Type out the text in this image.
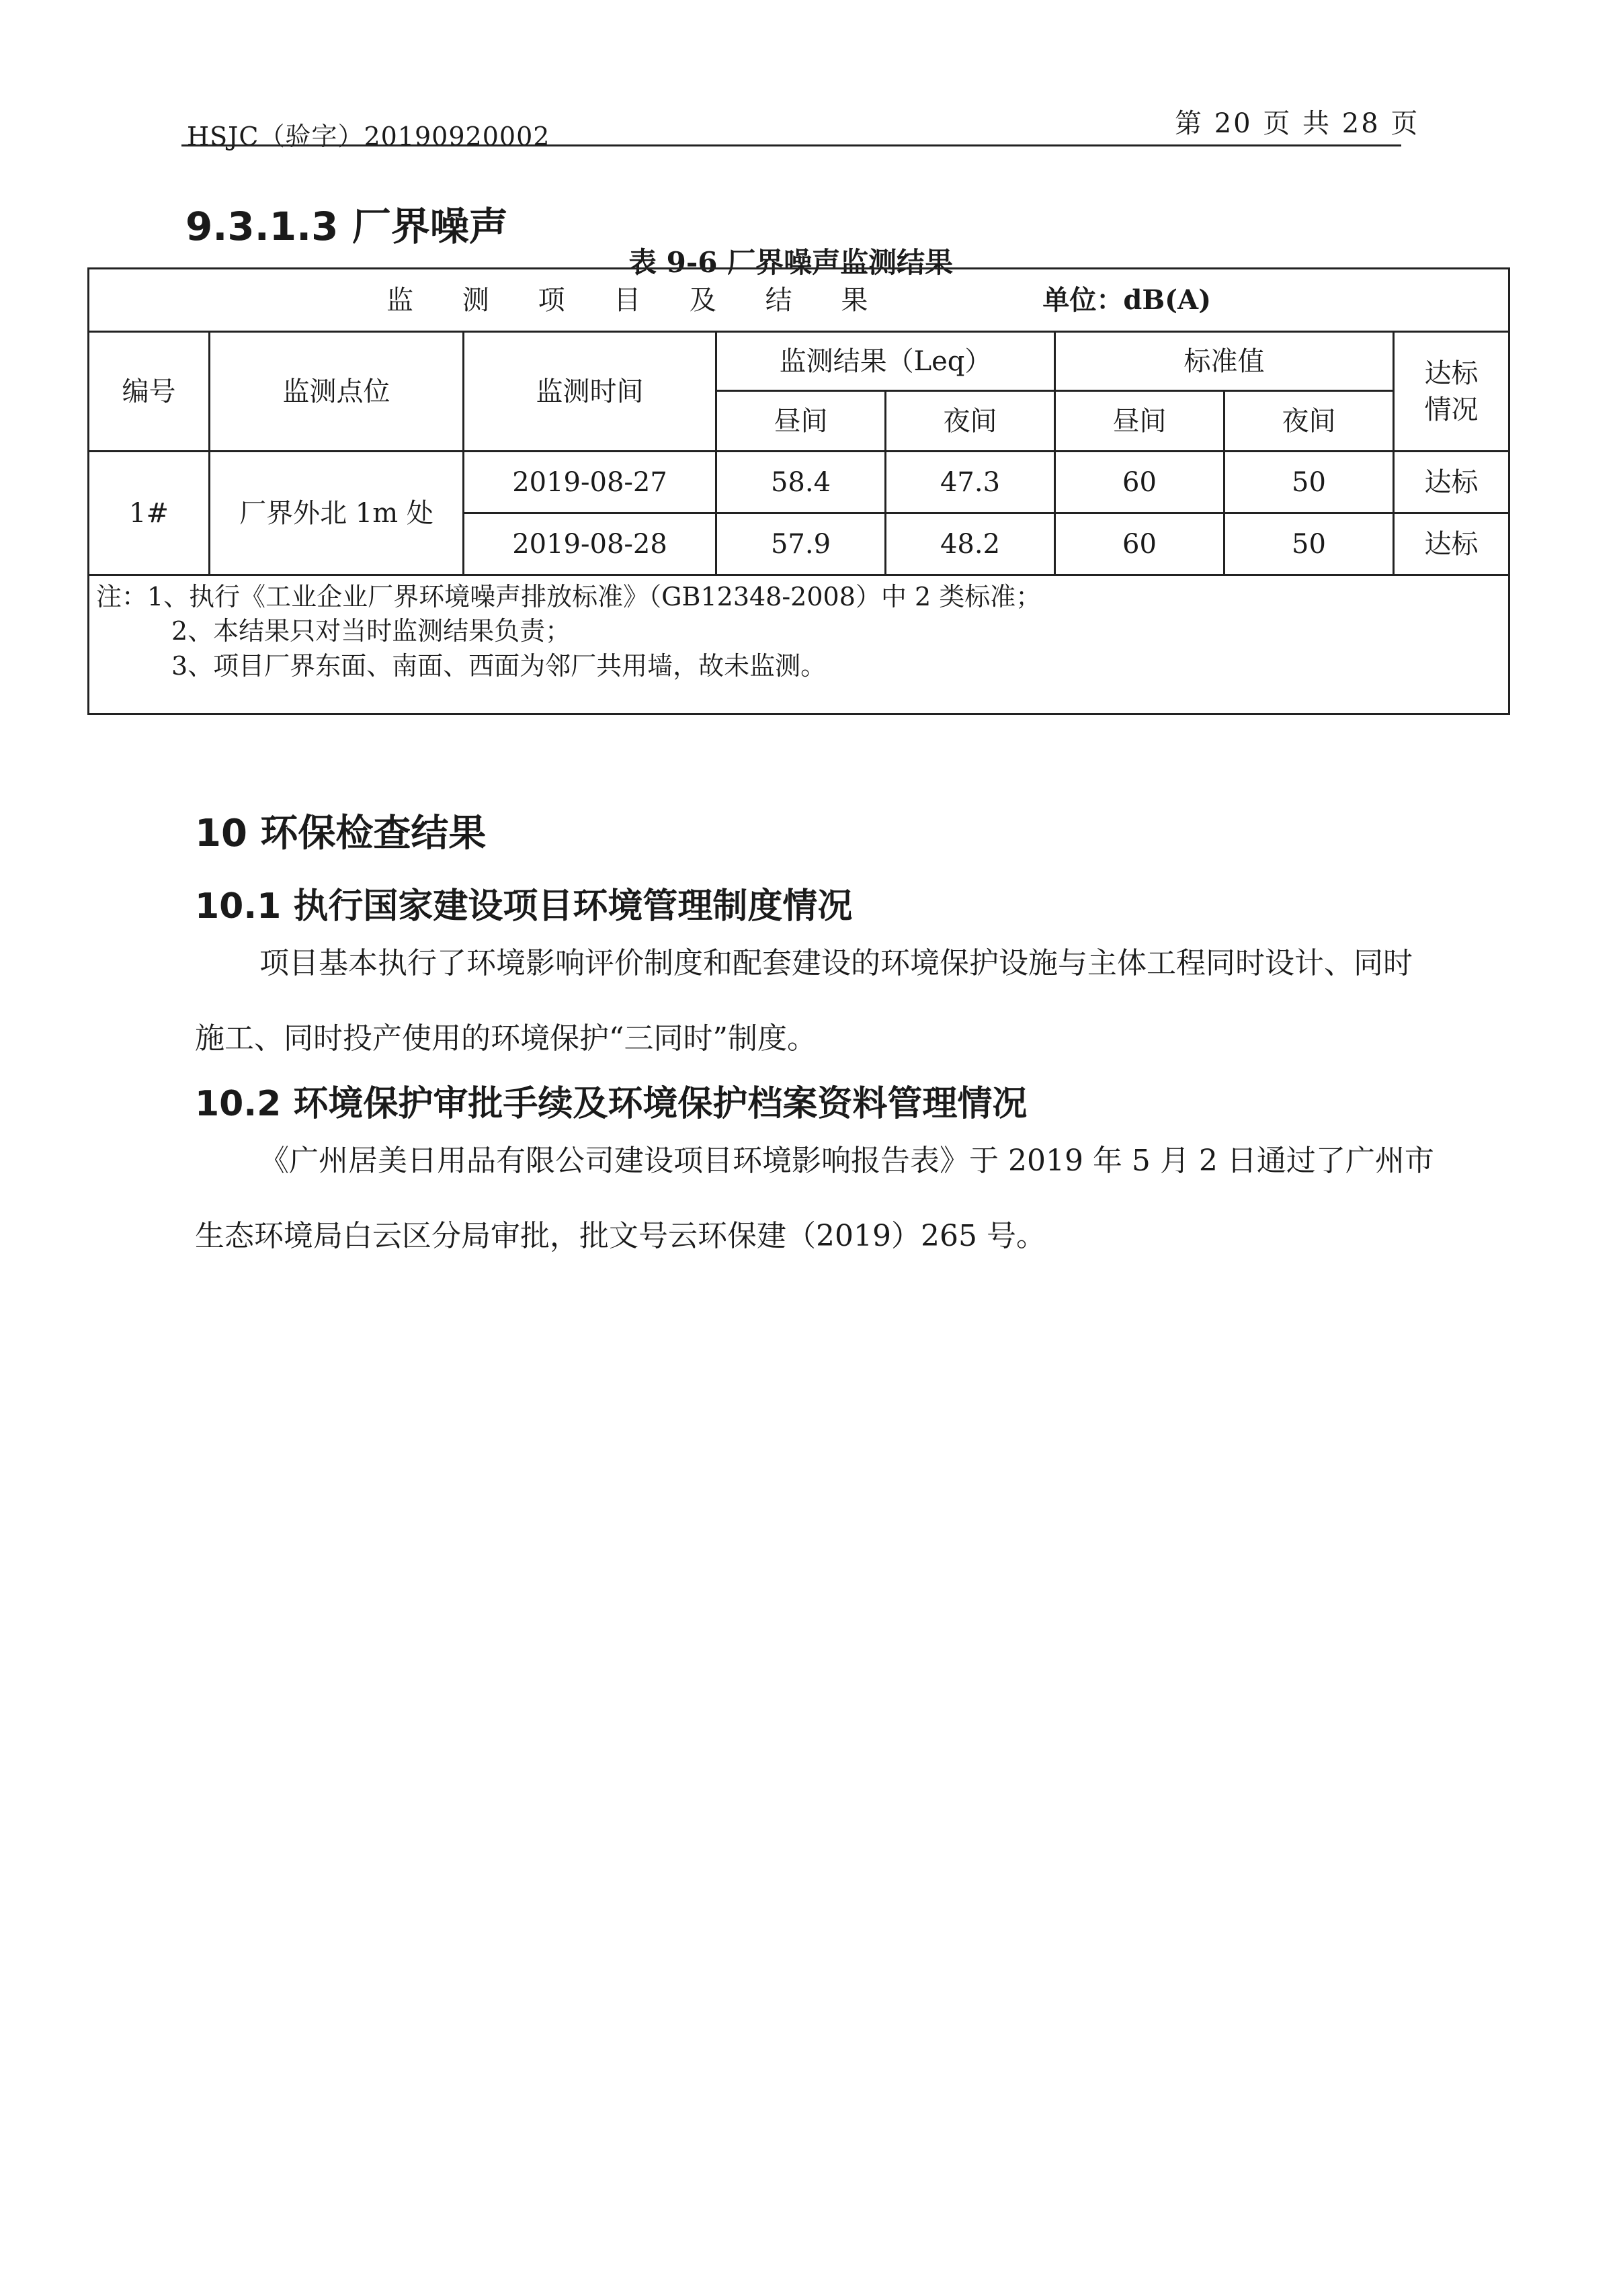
HSJC（验字）20190920002	第 20 页 共 28 页
9.3.1.3 厂界噪声
表 9-6 厂界噪声监测结果
监 测 项 目 及 结 果 单位：dB(A)							
编号	监测点位	监测时间	监测结果（Leq）		标准值		达标情况
			昼间	夜间	昼间	夜间	
1#	厂界外北 1m 处	2019-08-27	58.4	47.3	60	50	达标
		2019-08-28	57.9	48.2	60	50	达标

注：1、执行《工业企业厂界环境噪声排放标准》（GB12348-2008）中 2 类标准；
2、本结果只对当时监测结果负责；
3、项目厂界东面、南面、西面为邻厂共用墙，故未监测。							
10 环保检查结果
10.1 执行国家建设项目环境管理制度情况
项目基本执行了环境影响评价制度和配套建设的环境保护设施与主体工程同时设计、同时施工、同时投产使用的环境保护“三同时”制度。
10.2 环境保护审批手续及环境保护档案资料管理情况
《广州居美日用品有限公司建设项目环境影响报告表》于 2019 年 5 月 2 日通过了广州市生态环境局白云区分局审批，批文号云环保建（2019）265 号。
